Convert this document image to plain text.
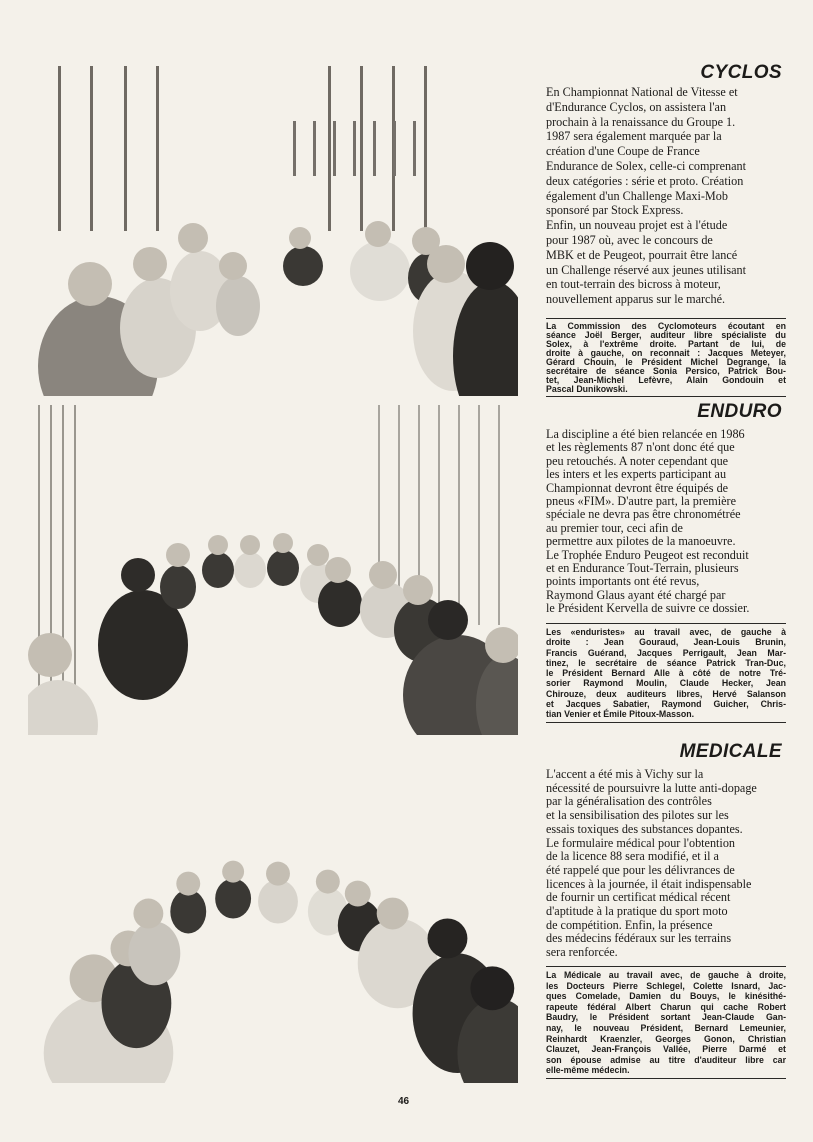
CYCLOS
En Championnat National de Vitesse et
d'Endurance Cyclos, on assistera l'an
prochain à la renaissance du Groupe 1.
1987 sera également marquée par la
création d'une Coupe de France
Endurance de Solex, celle-ci comprenant
deux catégories : série et proto. Création
également d'un Challenge Maxi-Mob
sponsoré par Stock Express.
Enfin, un nouveau projet est à l'étude
pour 1987 où, avec le concours de
MBK et de Peugeot, pourrait être lancé
un Challenge réservé aux jeunes utilisant
en tout-terrain des bicross à moteur,
nouvellement apparus sur le marché.
La Commission des Cyclomoteurs écoutant en
séance Joël Berger, auditeur libre spécialiste du
Solex, à l'extrême droite. Partant de lui, de
droite à gauche, on reconnait : Jacques Meteyer,
Gérard Chouin, le Président Michel Degrange, la
secrétaire de séance Sonia Persico, Patrick Bou-
tet, Jean-Michel Lefèvre, Alain Gondouin et
Pascal Dunikowski.
ENDURO
La discipline a été bien relancée en 1986
et les règlements 87 n'ont donc été que
peu retouchés. A noter cependant que
les inters et les experts participant au
Championnat devront être équipés de
pneus «FIM». D'autre part, la première
spéciale ne devra pas être chronométrée
au premier tour, ceci afin de
permettre aux pilotes de la manoeuvre.
Le Trophée Enduro Peugeot est reconduit
et en Endurance Tout-Terrain, plusieurs
points importants ont été revus,
Raymond Glaus ayant été chargé par
le Président Kervella de suivre ce dossier.
Les «enduristes» au travail avec, de gauche à
droite : Jean Gouraud, Jean-Louis Brunin,
Francis Guérand, Jacques Perrigault, Jean Mar-
tinez, le secrétaire de séance Patrick Tran-Duc,
le Président Bernard Alle à côté de notre Tré-
sorier Raymond Moulin, Claude Hecker, Jean
Chirouze, deux auditeurs libres, Hervé Salanson
et Jacques Sabatier, Raymond Guicher, Chris-
tian Venier et Émile Pitoux-Masson.
MEDICALE
L'accent a été mis à Vichy sur la
nécessité de poursuivre la lutte anti-dopage
par la généralisation des contrôles
et la sensibilisation des pilotes sur les
essais toxiques des substances dopantes.
Le formulaire médical pour l'obtention
de la licence 88 sera modifié, et il a
été rappelé que pour les délivrances de
licences à la journée, il était indispensable
de fournir un certificat médical récent
d'aptitude à la pratique du sport moto
de compétition. Enfin, la présence
des médecins fédéraux sur les terrains
sera renforcée.
La Médicale au travail avec, de gauche à droite,
les Docteurs Pierre Schlegel, Colette Isnard, Jac-
ques Comelade, Damien du Bouys, le kinésithé-
rapeute fédéral Albert Charun qui cache Robert
Baudry, le Président sortant Jean-Claude Gan-
nay, le nouveau Président, Bernard Lemeunier,
Reinhardt Kraenzler, Georges Gonon, Christian
Clauzet, Jean-François Vallée, Pierre Darmé et
son épouse admise au titre d'auditeur libre car
elle-même médecin.
46
